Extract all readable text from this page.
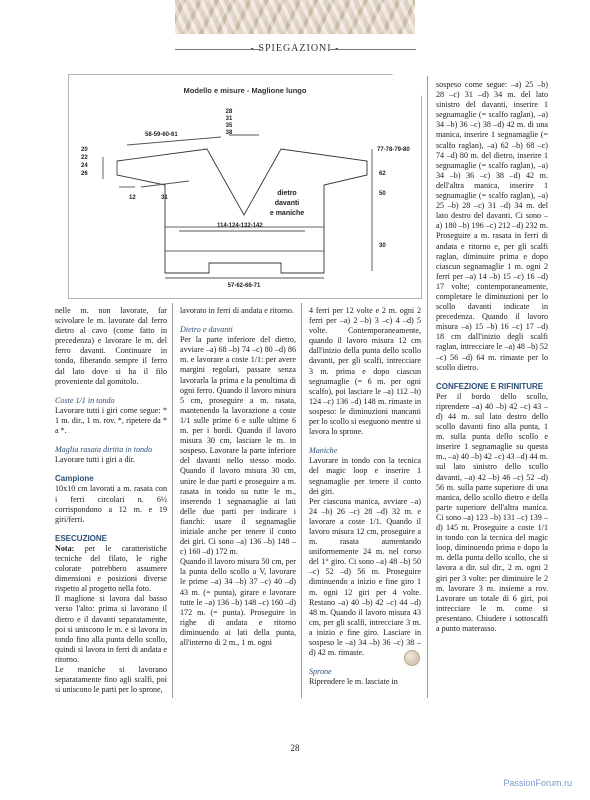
- SPIEGAZIONI -
Modello e misure - Maglione lungo
28
31
35
38
58-59-60-61
20
22
24
26
12	31
77-78-79-80
62
50
30
dietro
davanti
e maniche
114-124-132-142
57-62-66-71

nelle m. non lavorate, far scivolare le m. lavorate dal ferro dietro al cavo (come fatto in precedenza) e lavorare le m. del ferro davanti. Continuare in tondo, fiberando sempre il ferro dal lato dove si ha il filo proveniente dal gomitolo.

Coste 1/1 in tondo

Lavorare tutti i giri come segue: * 1 m. dir., 1 m. rov. *, ripetere da * a *.

Maglia rasata diritta in tondo

Lavorare tutti i giri a dir.

Campione

10x10 cm lavorati a m. rasata con i ferri circolari n. 6½ corrispondono a 12 m. e 19 giri/ferri.

ESECUZIONE

Nota: per le caratteristiche tecniche del filato, le righe colorate potrebbero assumere dimensioni e posizioni diverse rispetto al progetto nella foto.

Il maglione si lavora dal basso verso l'alto: prima si lavorano il dietro e il davanti separatamente, poi si uniscono le m. e si lavora in tondo fino alla punta dello scollo, quindi si lavora in ferri di andata e ritorno.

Le maniche si lavorano separatamente fino agli scalfi, poi si uniscono le parti per lo sprone,

lavorato in ferri di andata e ritorno.

Dietro e davanti

Per la parte inferiore del dietro, avviare –a) 68 –b) 74 –c) 80 –d) 86 m. e lavorare a coste 1/1: per avere margini regolari, passare senza lavorarla la prima e la penultima di ogni ferro. Quando il lavoro misura 5 cm, proseguire a m. rasata, mantenendo la lavorazione a coste 1/1 sulle prime 6 e sulle ultime 6 m. per i bordi. Quando il lavoro misura 30 cm, lasciare le m. in sospeso. Lavorare la parte inferiore del davanti nello stesso modo. Quando il lavoro misura 30 cm, unire le due parti e proseguire a m. rasata in tondo su tutte le m., inserendo 1 segnamaglie ai lati delle due parti per indicare i fianchi: usare il segnamaglie iniziale anche per tenere il conto dei giri. Ci sono –a) 136 –b) 148 –c) 160 –d) 172 m.

Quando il lavoro misura 50 cm, per la punta dello scollo a V, lavorare le prime –a) 34 –b) 37 –c) 40 –d) 43 m. (= punta), girare e lavorare tutte le –a) 136 –b) 148 –c) 160 –d) 172 m. (= punta). Proseguire in righe di andata e ritorno diminuendo ai lati della punta, all'interno di 2 m., 1 m. ogni

4 ferri per 12 volte e 2 m. ogni 2 ferri per –a) 2 –b) 3 –c) 4 –d) 5 volte. Contemporaneamente, quando il lavoro misura 12 cm dall'inizio della punta dello scollo davanti, per gli scalfi, intrecciare 3 m. prima e dopo ciascun segnamaglie (= 6 m. per ogni scalfo), poi lasciare le –a) 112 –b) 124 –c) 136 –d) 148 m. rimaste in sospeso: le diminuzioni mancanti per lo scollo si eseguono mentre si lavora lo sprone.

Maniche

Lavorare in tondo con la tecnica del magic loop e inserire 1 segnamaglie per tenere il conto dei giri.

Per ciascuna manica, avviare –a) 24 –b) 26 –c) 28 –d) 32 m. e lavorare a coste 1/1. Quando il lavoro misura 12 cm, proseguire a m. rasata aumentando uniformemente 24 m. nel corso del 1° giro. Ci sono –a) 48 –b) 50 –c) 52 –d) 56 m. Proseguire diminuendo a inizio e fine giro 1 m. ogni 12 giri per 4 volte. Restano –a) 40 –b) 42 –c) 44 –d) 48 m. Quando il lavoro misura 43 cm, per gli scalfi, intrecciare 3 m. a inizio e fine giro. Lasciare in sospeso le –a) 34 –b) 36 –c) 38 –d) 42 m. rimaste.

Sprone

Riprendere le m. lasciate in

sospeso come segue: –a) 25 –b) 28 –c) 31 –d) 34 m. del lato sinistro del davanti, inserire 1 segnamaglie (= scalfo raglan), –a) 34 –b) 36 –c) 38 –d) 42 m. di una manica, inserire 1 segnamaglie (= scalfo raglan), –a) 62 –b) 68 –c) 74 –d) 80 m. del dietro, inserire 1 segnamaglie (= scalfo raglan), –a) 34 –b) 36 –c) 38 –d) 42 m. dell'altra manica, inserire 1 segnamaglie (= scalfo raglan), –a) 25 –b) 28 –c) 31 –d) 34 m. del lato destro del davanti. Ci sono –a) 180 –b) 196 –c) 212 –d) 232 m. Proseguire a m. rasata in ferri di andata e ritorno e, per gli scalfi raglan, diminuire prima e dopo ciascun segnamaglie 1 m. ogni 2 ferri per –a) 14 –b) 15 –c) 16 –d) 17 volte; contemporaneamente, completare le diminuzioni per lo scollo davanti indicate in precedenza. Quando il lavoro misura –a) 15 –b) 16 –c) 17 –d) 18 cm dall'inizio degli scalfi raglan, intrecciare le –a) 48 –b) 52 –c) 56 –d) 64 m. rimaste per lo scollo dietro.

CONFEZIONE E RIFINITURE

Per il bordo dello scollo, riprendere –a) 40 –b) 42 –c) 43 –d) 44 m. sul lato destro dello scollo davanti fino alla punta, 1 m. sulla punta dello scollo e inserire 1 segnamaglie su questa m., –a) 40 –b) 42 –c) 43 –d) 44 m. sul lato sinistro dello scollo davanti, –a) 42 –b) 46 –c) 52 –d) 56 m. sulla parte superiore di una manica, dello scollo dietro e della parte superiore dell'altra manica. Ci sono –a) 123 –b) 131 –c) 139 –d) 145 m. Proseguire a coste 1/1 in tondo con la tecnica del magic loop, diminuendo prima e dopo la m. della punta dello scollo, che si lavora a dir. sul dir., 2 m. ogni 2 giri per 3 volte: per diminuire le 2 m. lavorare 3 m. insieme a rov. Lavorare un totale di 6 giri, poi intrecciare le m. come si presentano. Chiudere i sottoscalfi a punto materasso.

28
PassionForum.ru
